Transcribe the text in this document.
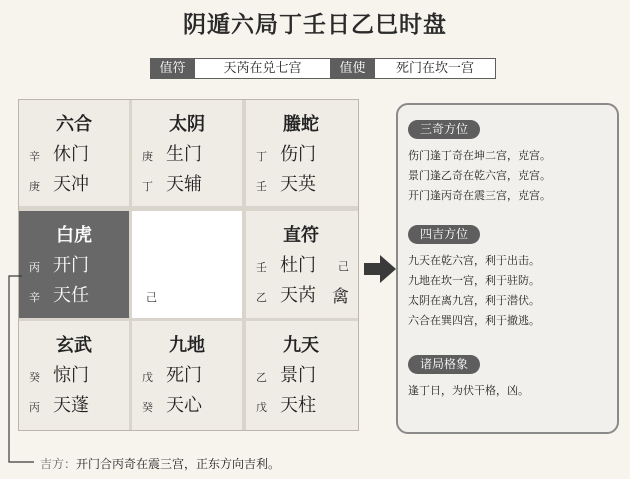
阴遁六局丁壬日乙巳时盘
值符	天芮在兑七宫	值使	死门在坎一宫
六合
辛 休门
庚 天冲
太阴
庚 生门
丁 天辅
螣蛇
丁 伤门
壬 天英
白虎
丙 开门
辛 天任	己
直符
壬 杜门 己
乙 天芮 禽
玄武
癸 惊门
丙 天蓬
九地
戊 死门
癸 天心
九天
乙 景门
戊 天柱
三奇方位
伤门逢丁奇在坤二宫，克宫。
景门逢乙奇在乾六宫，克宫。
开门逢丙奇在震三宫，克宫。
四吉方位
九天在乾六宫，利于出击。
九地在坎一宫，利于驻防。
太阴在离九宫，利于潜伏。
六合在巽四宫，利于撤逃。
诸局格象
逢丁日，为伏干格，凶。
吉方：开门合丙奇在震三宫，正东方向吉利。
